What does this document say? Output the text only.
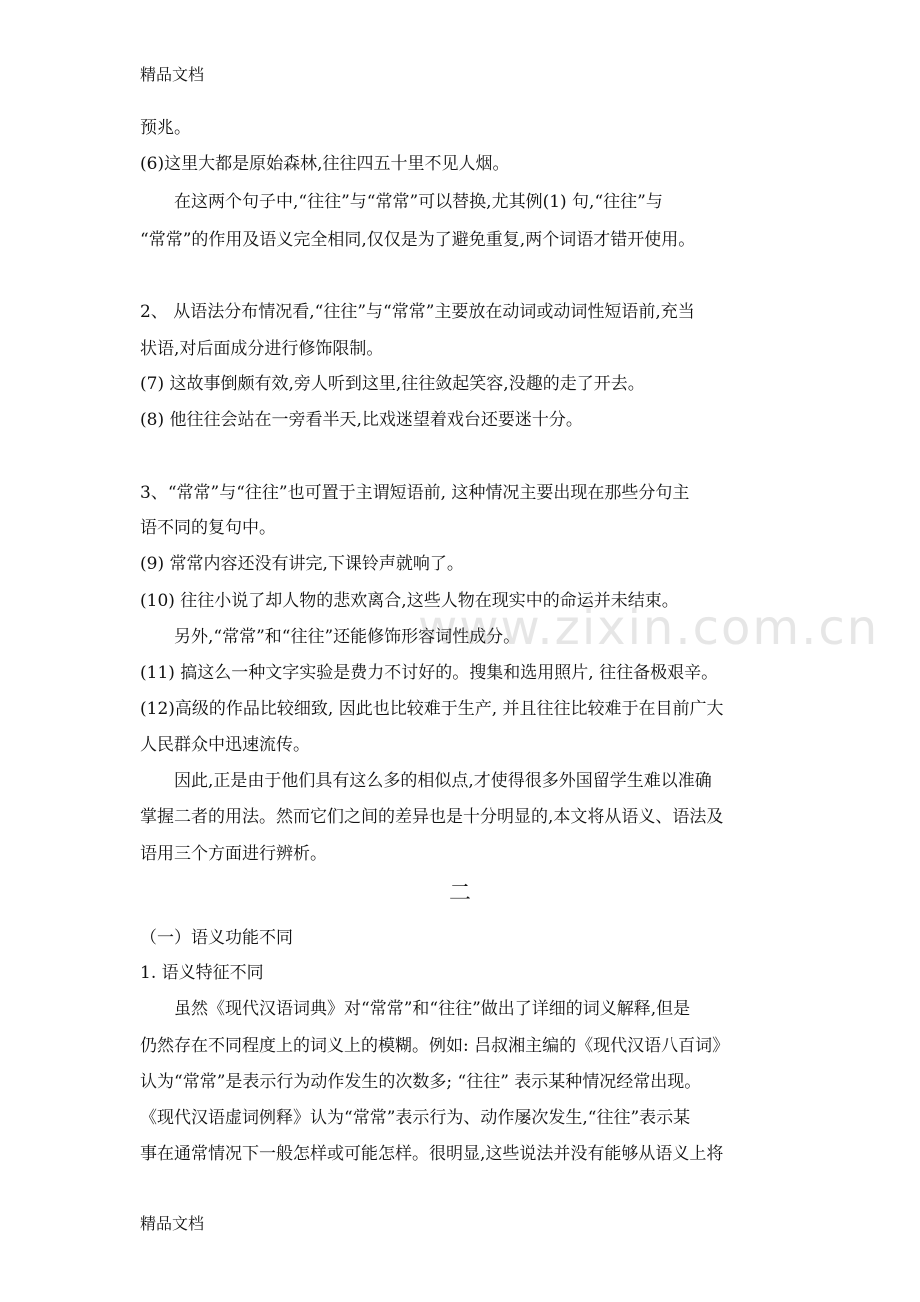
精品文档
www.zixin.com.cn
预兆。
(6)这里大都是原始森林,往往四五十里不见人烟。
在这两个句子中,“往往”与“常常”可以替换,尤其例(1) 句,“往往”与
“常常”的作用及语义完全相同,仅仅是为了避免重复,两个词语才错开使用。
2、 从语法分布情况看,“往往”与“常常”主要放在动词或动词性短语前,充当
状语,对后面成分进行修饰限制。
(7) 这故事倒颇有效,旁人听到这里,往往敛起笑容,没趣的走了开去。
(8) 他往往会站在一旁看半天,比戏迷望着戏台还要迷十分。
3、“常常”与“往往”也可置于主谓短语前, 这种情况主要出现在那些分句主
语不同的复句中。
(9) 常常内容还没有讲完,下课铃声就响了。
(10) 往往小说了却人物的悲欢离合,这些人物在现实中的命运并未结束。
另外,“常常”和“往往”还能修饰形容词性成分。
(11) 搞这么一种文字实验是费力不讨好的。搜集和选用照片, 往往备极艰辛。
(12)高级的作品比较细致, 因此也比较难于生产, 并且往往比较难于在目前广大
人民群众中迅速流传。
因此,正是由于他们具有这么多的相似点,才使得很多外国留学生难以准确
掌握二者的用法。然而它们之间的差异也是十分明显的,本文将从语义、语法及
语用三个方面进行辨析。
二
（一）语义功能不同
1. 语义特征不同
虽然《现代汉语词典》对“常常”和“往往”做出了详细的词义解释,但是
仍然存在不同程度上的词义上的模糊。例如: 吕叔湘主编的《现代汉语八百词》
认为“常常”是表示行为动作发生的次数多; “往往” 表示某种情况经常出现。
《现代汉语虚词例释》认为“常常”表示行为、动作屡次发生,“往往”表示某
事在通常情况下一般怎样或可能怎样。很明显,这些说法并没有能够从语义上将
精品文档
